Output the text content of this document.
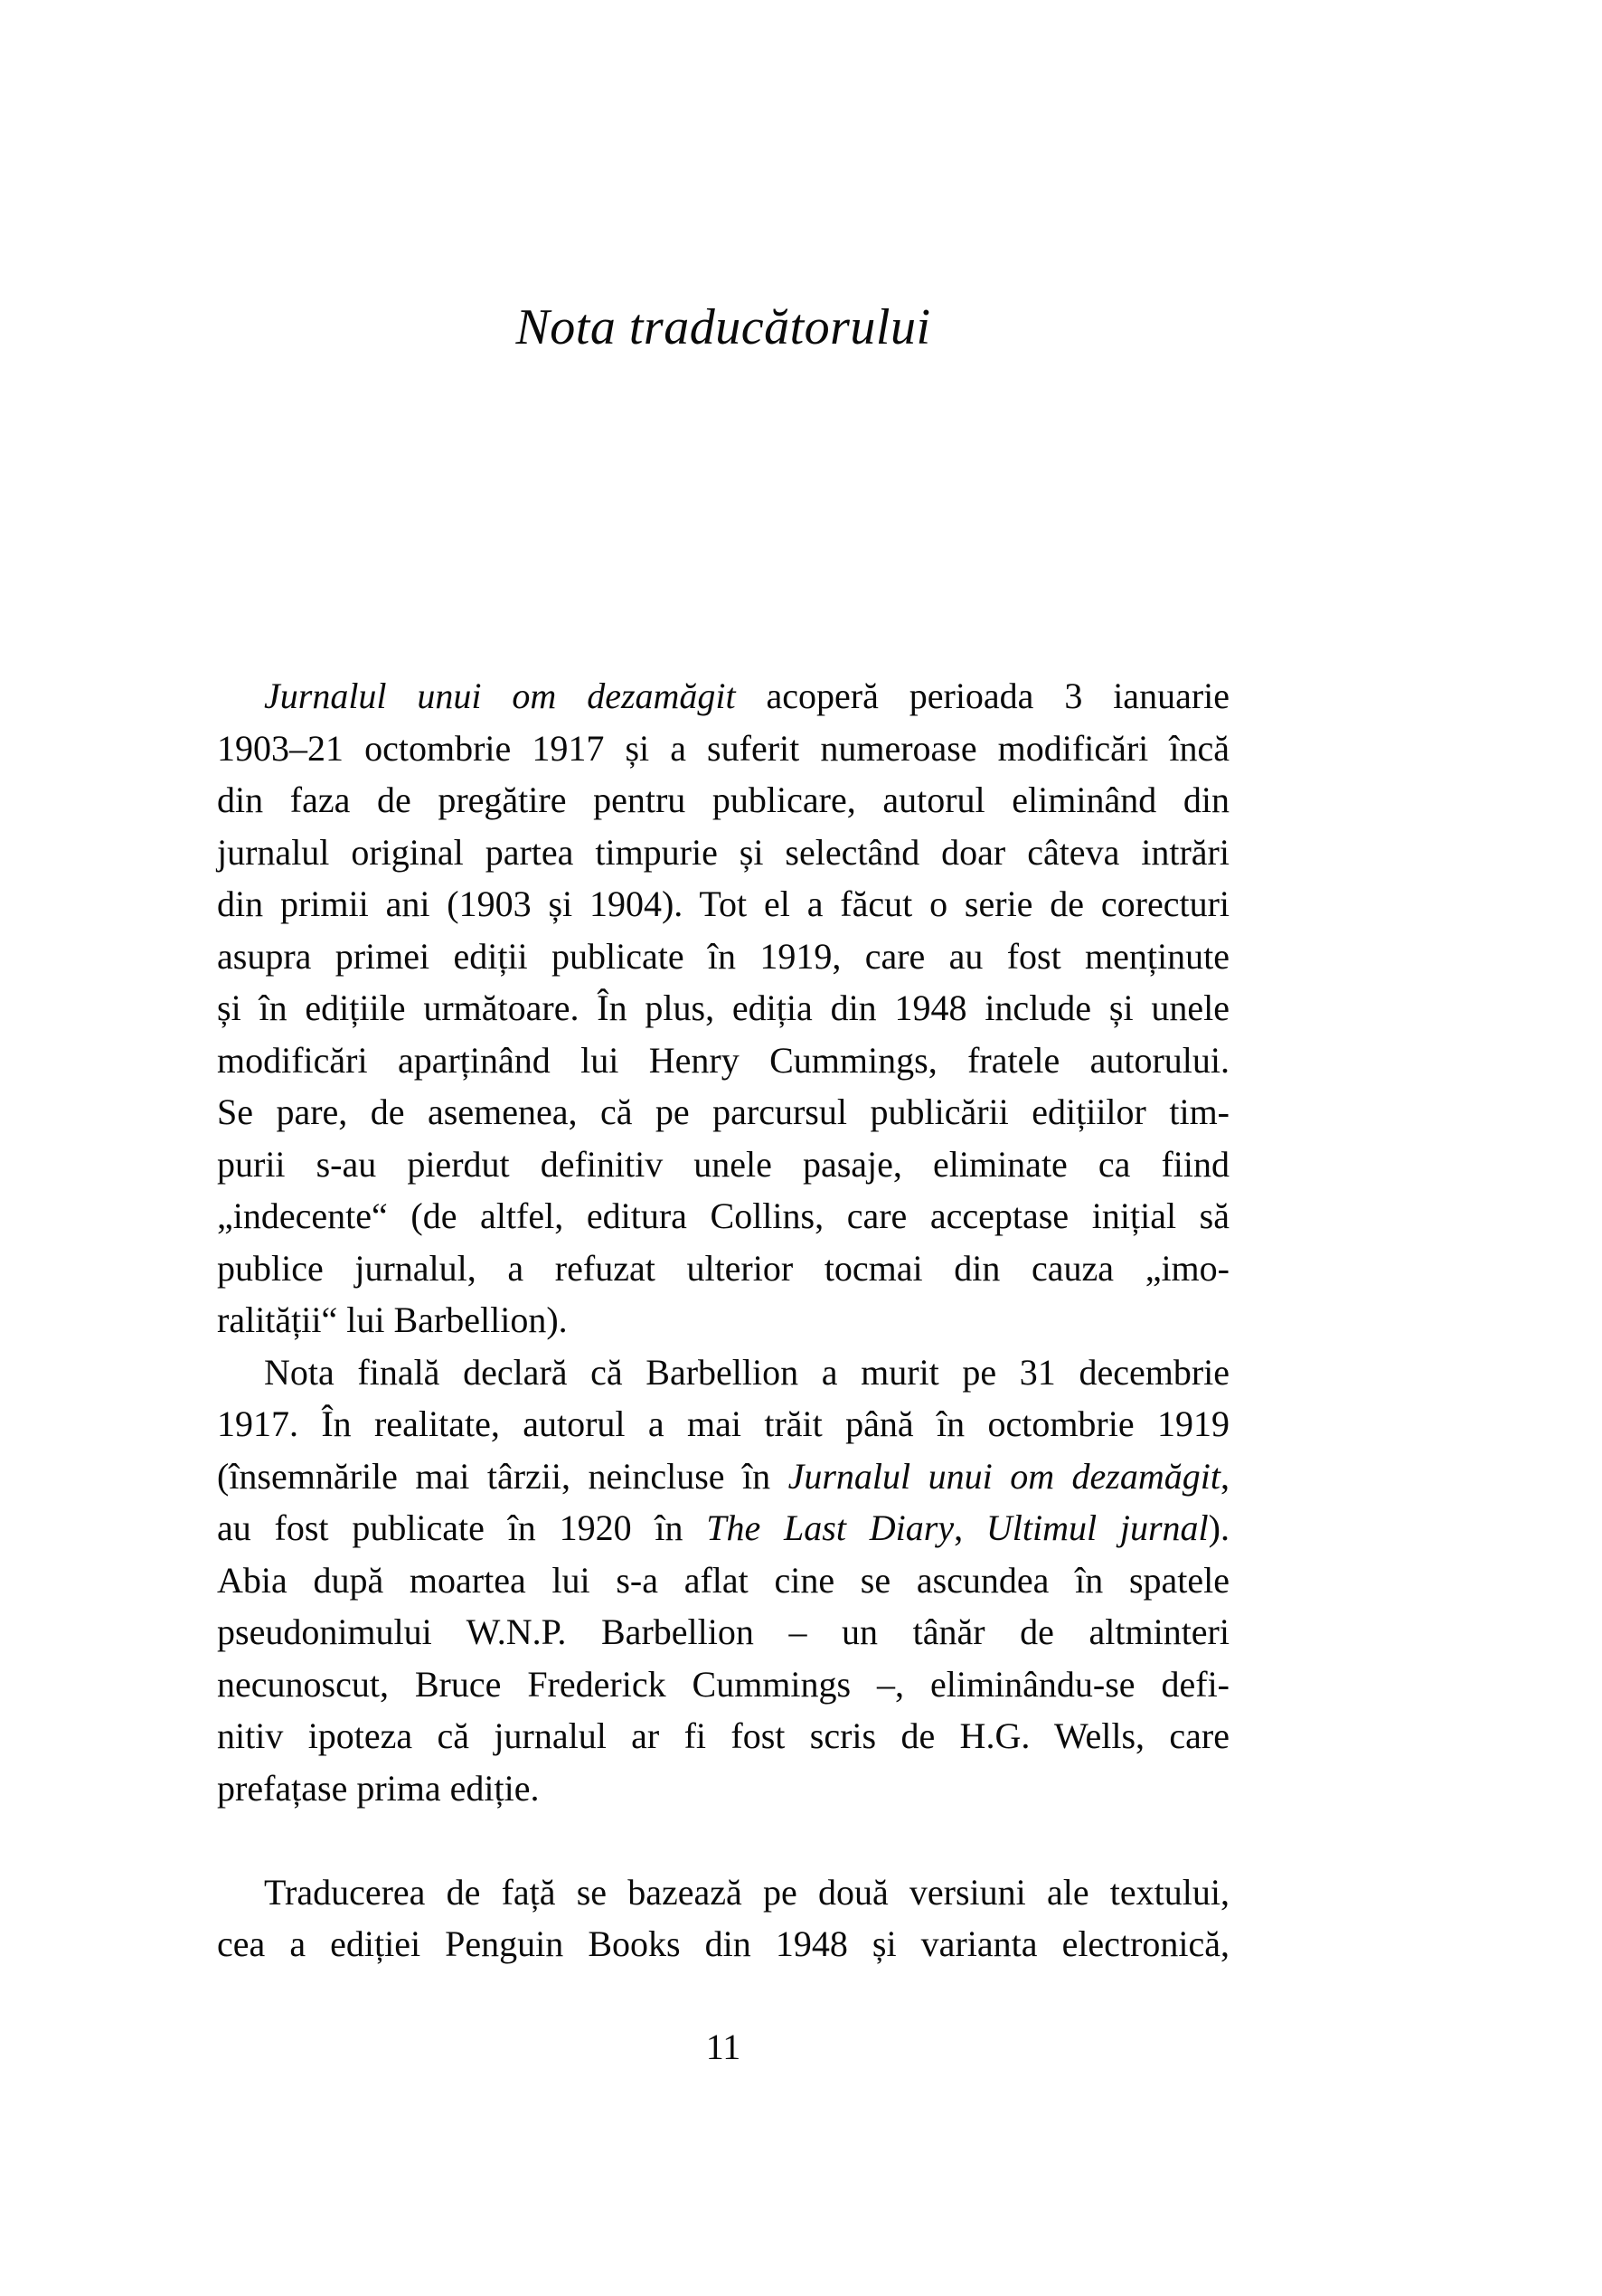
Nota traducătorului
Jurnalul unui om dezamăgit acoperă perioada 3 ianuarie
1903–21 octombrie 1917 și a suferit numeroase modificări încă
din faza de pregătire pentru publicare, autorul eliminând din
jurnalul original partea timpurie și selectând doar câteva intrări
din primii ani (1903 și 1904). Tot el a făcut o serie de corecturi
asupra primei ediții publicate în 1919, care au fost menținute
și în edițiile următoare. În plus, ediția din 1948 include și unele
modificări aparținând lui Henry Cummings, fratele autorului.
Se pare, de asemenea, că pe parcursul publicării edițiilor tim-
purii s-au pierdut definitiv unele pasaje, eliminate ca fiind
„indecente“ (de altfel, editura Collins, care acceptase inițial să
publice jurnalul, a refuzat ulterior tocmai din cauza „imo-
ralității“ lui Barbellion).
Nota finală declară că Barbellion a murit pe 31 decembrie
1917. În realitate, autorul a mai trăit până în octombrie 1919
(însemnările mai târzii, neincluse în Jurnalul unui om dezamăgit,
au fost publicate în 1920 în The Last Diary, Ultimul jurnal).
Abia după moartea lui s-a aflat cine se ascundea în spatele
pseudonimului W.N.P. Barbellion – un tânăr de altminteri
necunoscut, Bruce Frederick Cummings –, eliminându-se defi-
nitiv ipoteza că jurnalul ar fi fost scris de H.G. Wells, care
prefațase prima ediție.
Traducerea de față se bazează pe două versiuni ale textului,
cea a ediției Penguin Books din 1948 și varianta electronică,
11
